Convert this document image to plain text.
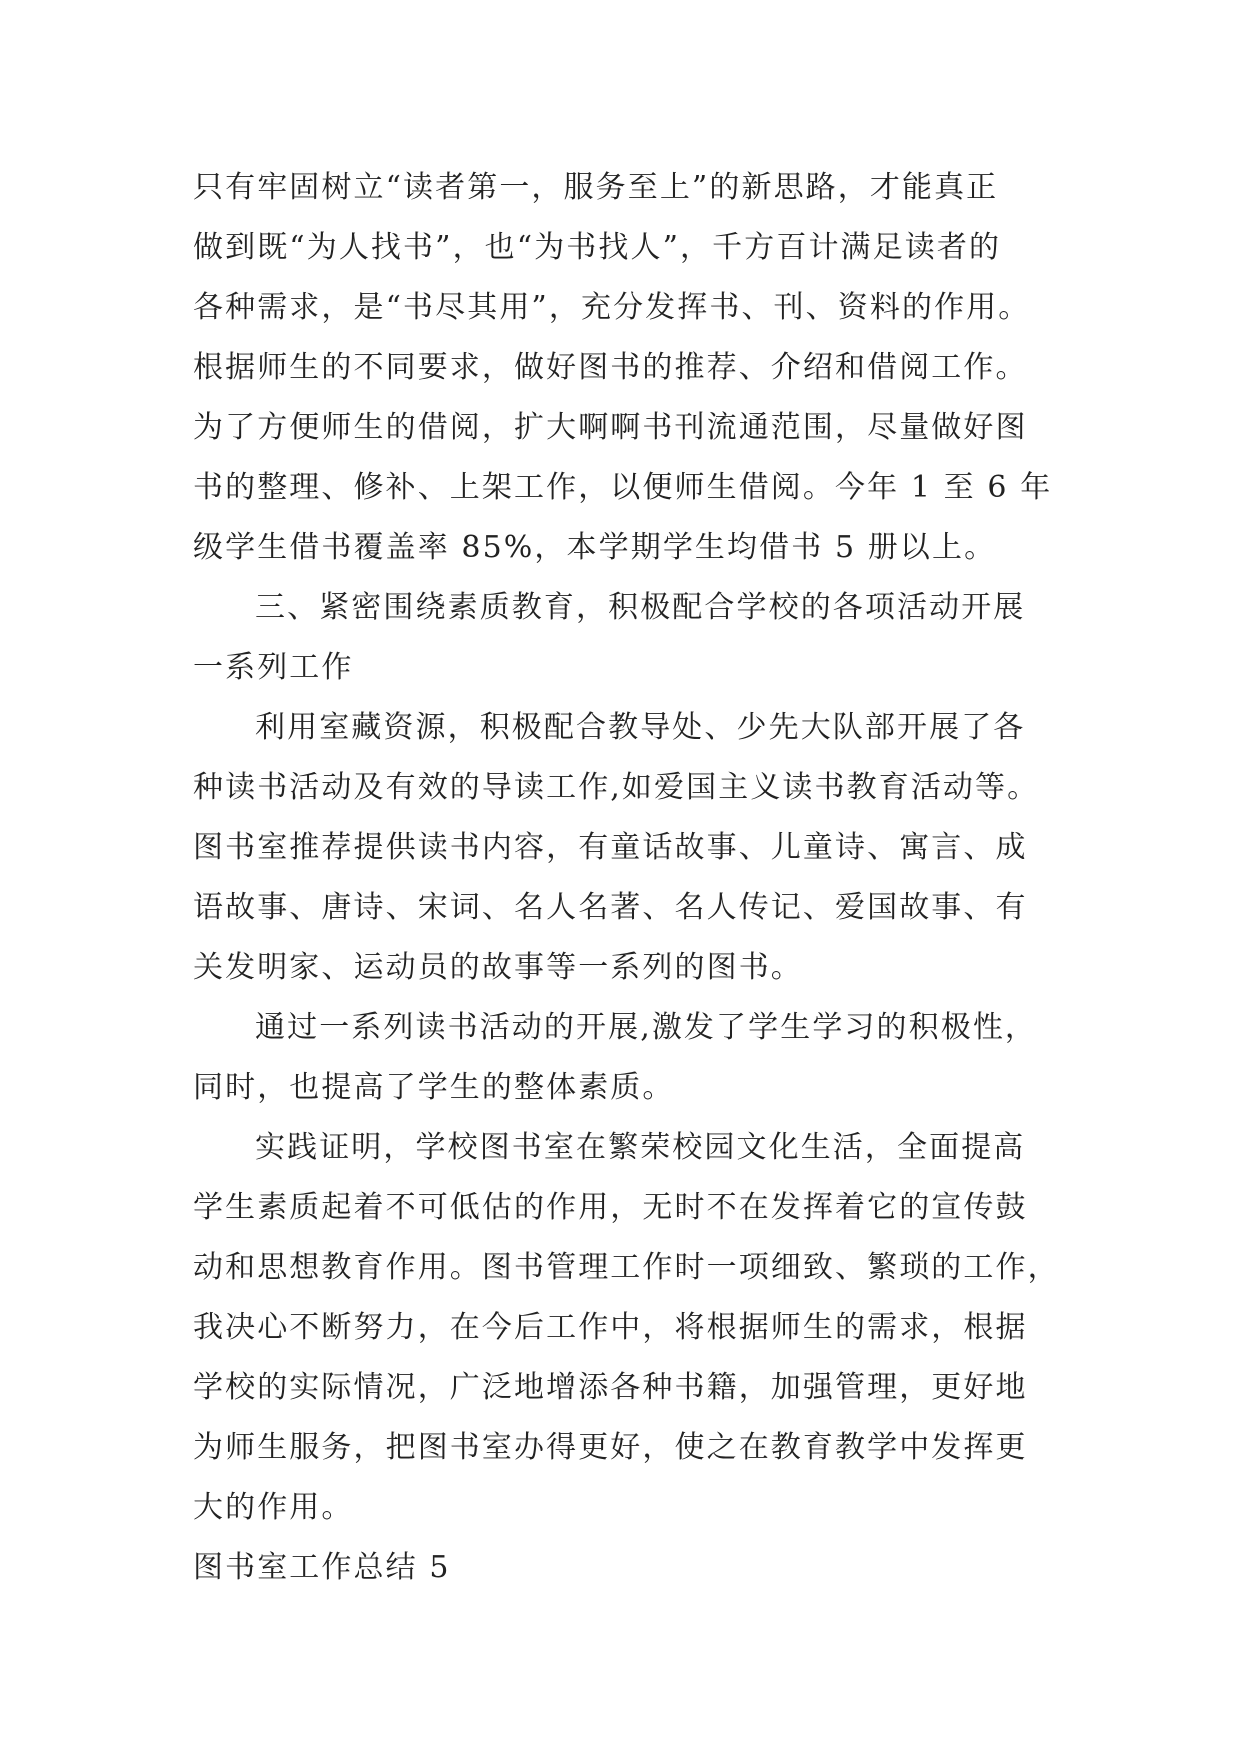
只有牢固树立“读者第一，服务至上”的新思路，才能真正
做到既“为人找书”，也“为书找人”，千方百计满足读者的
各种需求，是“书尽其用”，充分发挥书、刊、资料的作用。
根据师生的不同要求，做好图书的推荐、介绍和借阅工作。
为了方便师生的借阅，扩大啊啊书刊流通范围，尽量做好图
书的整理、修补、上架工作，以便师生借阅。今年 1 至 6 年
级学生借书覆盖率 85%，本学期学生均借书 5 册以上。
三、紧密围绕素质教育，积极配合学校的各项活动开展
一系列工作
利用室藏资源，积极配合教导处、少先大队部开展了各
种读书活动及有效的导读工作,如爱国主义读书教育活动等。
图书室推荐提供读书内容，有童话故事、儿童诗、寓言、成
语故事、唐诗、宋词、名人名著、名人传记、爱国故事、有
关发明家、运动员的故事等一系列的图书。
通过一系列读书活动的开展,激发了学生学习的积极性，
同时，也提高了学生的整体素质。
实践证明，学校图书室在繁荣校园文化生活，全面提高
学生素质起着不可低估的作用，无时不在发挥着它的宣传鼓
动和思想教育作用。图书管理工作时一项细致、繁琐的工作，
我决心不断努力，在今后工作中，将根据师生的需求，根据
学校的实际情况，广泛地增添各种书籍，加强管理，更好地
为师生服务，把图书室办得更好，使之在教育教学中发挥更
大的作用。
图书室工作总结 5
